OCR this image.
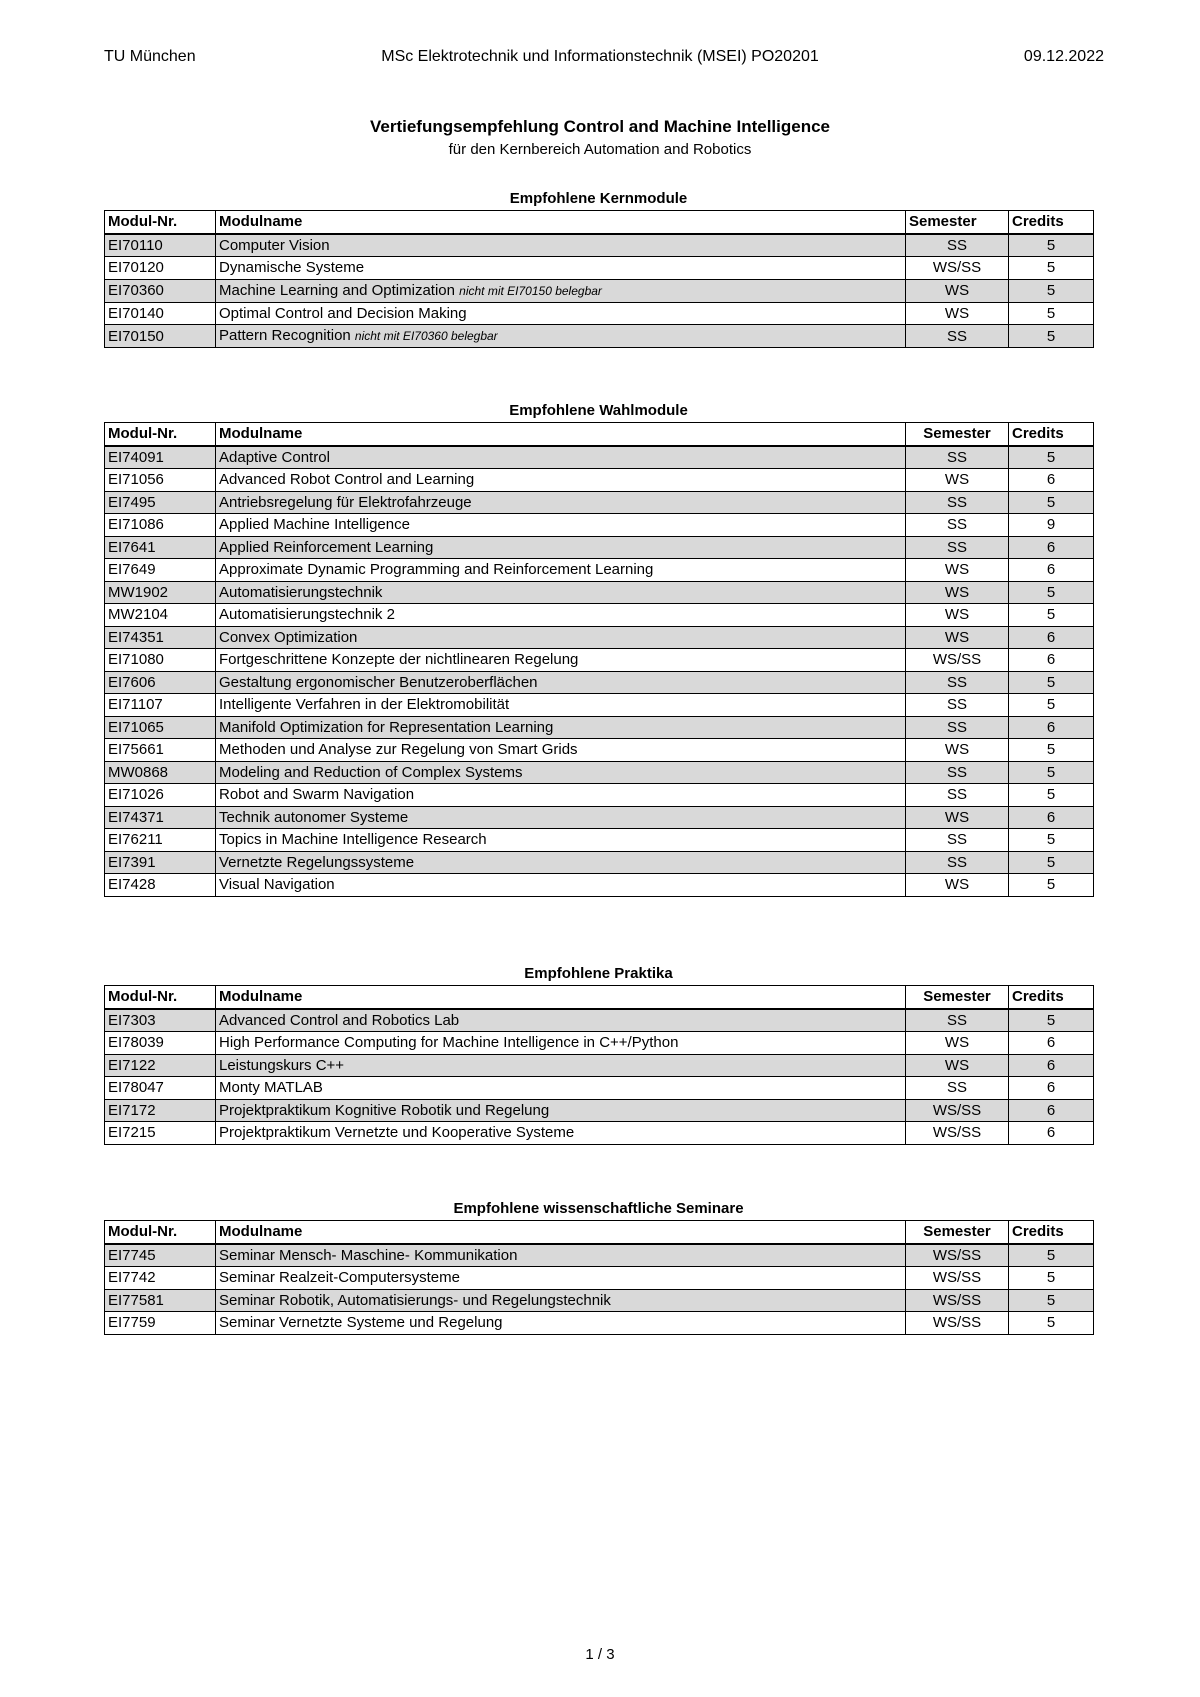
TU München	MSc Elektrotechnik und Informationstechnik (MSEI) PO20201	09.12.2022
Vertiefungsempfehlung Control and Machine Intelligence
für den Kernbereich Automation and Robotics
Empfohlene Kernmodule
Modul-Nr.	Modulname	Semester	Credits
EI70110	Computer Vision	SS	5
EI70120	Dynamische Systeme	WS/SS	5
EI70360	Machine Learning and Optimization nicht mit EI70150 belegbar	WS	5
EI70140	Optimal Control and Decision Making	WS	5
EI70150	Pattern Recognition nicht mit EI70360 belegbar	SS	5
Empfohlene Wahlmodule
Modul-Nr.	Modulname	Semester	Credits
EI74091	Adaptive Control	SS	5
EI71056	Advanced Robot Control and Learning	WS	6
EI7495	Antriebsregelung für Elektrofahrzeuge	SS	5
EI71086	Applied Machine Intelligence	SS	9
EI7641	Applied Reinforcement Learning	SS	6
EI7649	Approximate Dynamic Programming and Reinforcement Learning	WS	6
MW1902	Automatisierungstechnik	WS	5
MW2104	Automatisierungstechnik 2	WS	5
EI74351	Convex Optimization	WS	6
EI71080	Fortgeschrittene Konzepte der nichtlinearen Regelung	WS/SS	6
EI7606	Gestaltung ergonomischer Benutzeroberflächen	SS	5
EI71107	Intelligente Verfahren in der Elektromobilität	SS	5
EI71065	Manifold Optimization for Representation Learning	SS	6
EI75661	Methoden und Analyse zur Regelung von Smart Grids	WS	5
MW0868	Modeling and Reduction of Complex Systems	SS	5
EI71026	Robot and Swarm Navigation	SS	5
EI74371	Technik autonomer Systeme	WS	6
EI76211	Topics in Machine Intelligence Research	SS	5
EI7391	Vernetzte Regelungssysteme	SS	5
EI7428	Visual Navigation	WS	5
Empfohlene Praktika
Modul-Nr.	Modulname	Semester	Credits
EI7303	Advanced Control and Robotics Lab	SS	5
EI78039	High Performance Computing for Machine Intelligence in C++/Python	WS	6
EI7122	Leistungskurs C++	WS	6
EI78047	Monty MATLAB	SS	6
EI7172	Projektpraktikum Kognitive Robotik und Regelung	WS/SS	6
EI7215	Projektpraktikum Vernetzte und Kooperative Systeme	WS/SS	6
Empfohlene wissenschaftliche Seminare
Modul-Nr.	Modulname	Semester	Credits
EI7745	Seminar Mensch- Maschine- Kommunikation	WS/SS	5
EI7742	Seminar Realzeit-Computersysteme	WS/SS	5
EI77581	Seminar Robotik, Automatisierungs- und Regelungstechnik	WS/SS	5
EI7759	Seminar Vernetzte Systeme und Regelung	WS/SS	5
1 / 3
